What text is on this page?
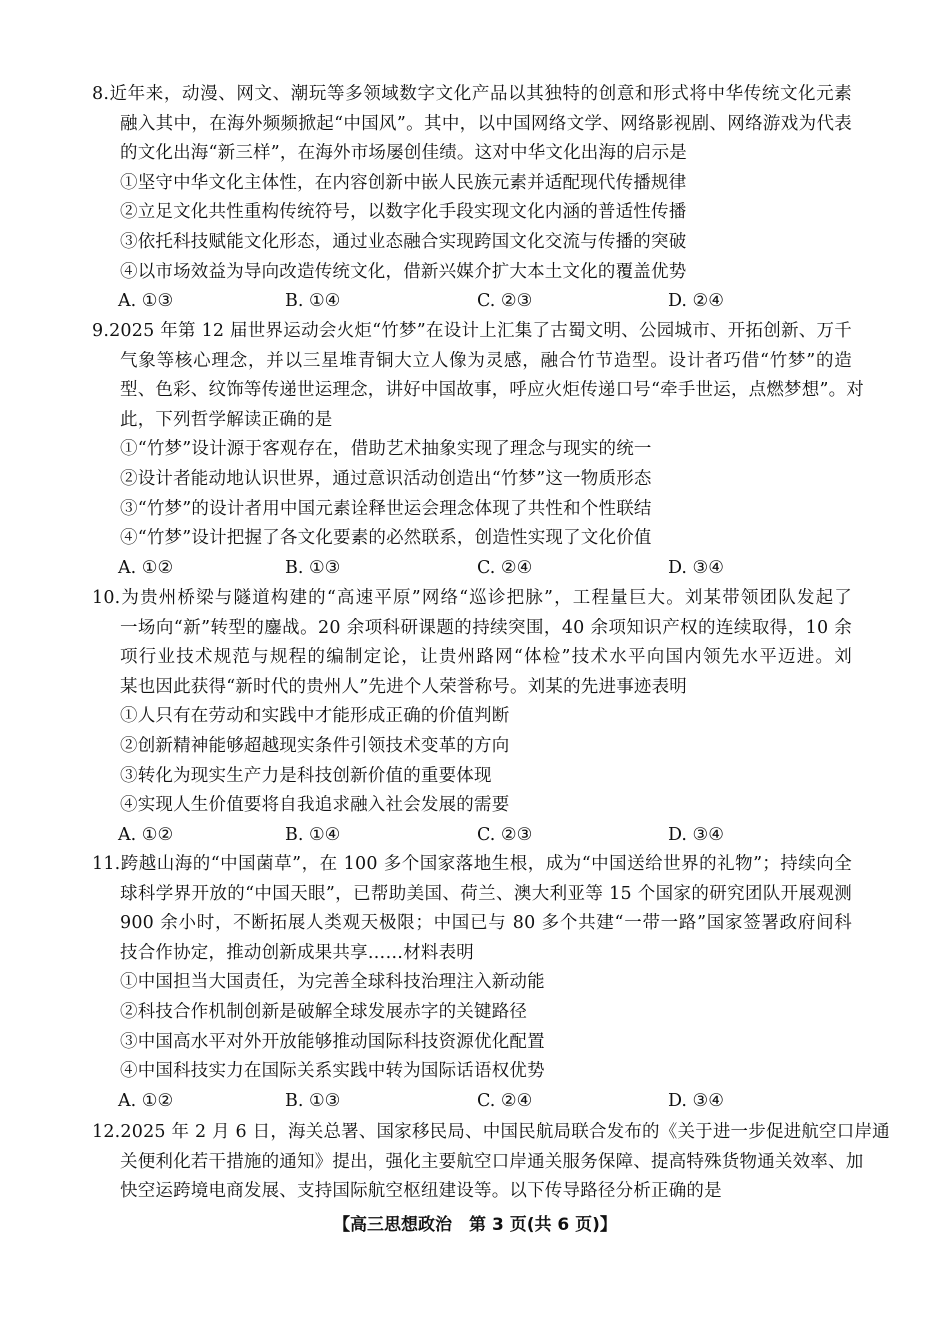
8.近年来，动漫、网文、潮玩等多领域数字文化产品以其独特的创意和形式将中华传统文化元素
融入其中，在海外频频掀起“中国风”。其中，以中国网络文学、网络影视剧、网络游戏为代表
的文化出海“新三样”，在海外市场屡创佳绩。这对中华文化出海的启示是
①坚守中华文化主体性，在内容创新中嵌人民族元素并适配现代传播规律
②立足文化共性重构传统符号，以数字化手段实现文化内涵的普适性传播
③依托科技赋能文化形态，通过业态融合实现跨国文化交流与传播的突破
④以市场效益为导向改造传统文化，借新兴媒介扩大本土文化的覆盖优势
A. ①③	B. ①④	C. ②③	D. ②④
9.2025 年第 12 届世界运动会火炬“竹梦”在设计上汇集了古蜀文明、公园城市、开拓创新、万千
气象等核心理念，并以三星堆青铜大立人像为灵感，融合竹节造型。设计者巧借“竹梦”的造
型、色彩、纹饰等传递世运理念，讲好中国故事，呼应火炬传递口号“牵手世运，点燃梦想”。对
此，下列哲学解读正确的是
①“竹梦”设计源于客观存在，借助艺术抽象实现了理念与现实的统一
②设计者能动地认识世界，通过意识活动创造出“竹梦”这一物质形态
③“竹梦”的设计者用中国元素诠释世运会理念体现了共性和个性联结
④“竹梦”设计把握了各文化要素的必然联系，创造性实现了文化价值
A. ①②	B. ①③	C. ②④	D. ③④
10.为贵州桥梁与隧道构建的“高速平原”网络“巡诊把脉”，工程量巨大。刘某带领团队发起了
一场向“新”转型的鏖战。20 余项科研课题的持续突围，40 余项知识产权的连续取得，10 余
项行业技术规范与规程的编制定论，让贵州路网“体检”技术水平向国内领先水平迈进。刘
某也因此获得“新时代的贵州人”先进个人荣誉称号。刘某的先进事迹表明
①人只有在劳动和实践中才能形成正确的价值判断
②创新精神能够超越现实条件引领技术变革的方向
③转化为现实生产力是科技创新价值的重要体现
④实现人生价值要将自我追求融入社会发展的需要
A. ①②	B. ①④	C. ②③	D. ③④
11.跨越山海的“中国菌草”，在 100 多个国家落地生根，成为“中国送给世界的礼物”；持续向全
球科学界开放的“中国天眼”，已帮助美国、荷兰、澳大利亚等 15 个国家的研究团队开展观测
900 余小时，不断拓展人类观天极限；中国已与 80 多个共建“一带一路”国家签署政府间科
技合作协定，推动创新成果共享……材料表明
①中国担当大国责任，为完善全球科技治理注入新动能
②科技合作机制创新是破解全球发展赤字的关键路径
③中国高水平对外开放能够推动国际科技资源优化配置
④中国科技实力在国际关系实践中转为国际话语权优势
A. ①②	B. ①③	C. ②④	D. ③④
12.2025 年 2 月 6 日，海关总署、国家移民局、中国民航局联合发布的《关于进一步促进航空口岸通
关便利化若干措施的通知》提出，强化主要航空口岸通关服务保障、提高特殊货物通关效率、加
快空运跨境电商发展、支持国际航空枢纽建设等。以下传导路径分析正确的是
【高三思想政治　第 3 页(共 6 页)】
